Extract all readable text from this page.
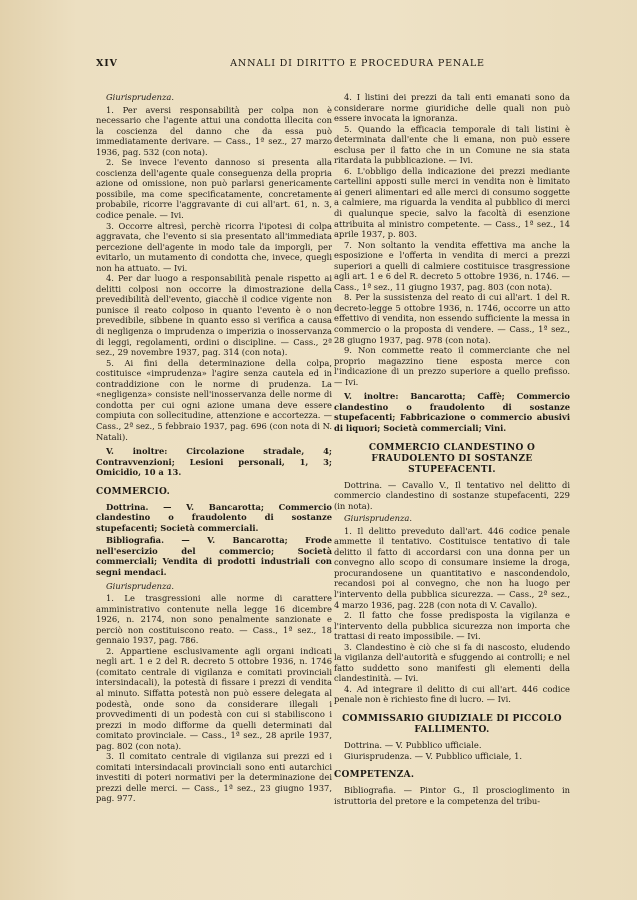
XIV	ANNALI DI DIRITTO E PROCEDURA PENALE

Giurisprudenza.

1. Per aversi responsabilità per colpa non è necessario che l'agente attui una condotta illecita con la coscienza del danno che da essa può immediatamente derivare. — Cass., 1ª sez., 27 marzo 1936, pag. 532 (con nota).

2. Se invece l'evento dannoso si presenta alla coscienza dell'agente quale conseguenza della propria azione od omissione, non può parlarsi genericamente possibile, ma come specificatamente, concretamente probabile, ricorre l'aggravante di cui all'art. 61, n. 3, codice penale. — Ivi.

3. Occorre altresì, perchè ricorra l'ipotesi di colpa aggravata, che l'evento si sia presentato all'immediata percezione dell'agente in modo tale da imporgli, per evitarlo, un mutamento di condotta che, invece, quegli non ha attuato. — Ivi.

4. Per dar luogo a responsabilità penale rispetto ai delitti colposi non occorre la dimostrazione della prevedibilità dell'evento, giacchè il codice vigente non punisce il reato colposo in quanto l'evento è o non prevedibile, sibbene in quanto esso si verifica a causa di negligenza o imprudenza o imperizia o inosservanza di leggi, regolamenti, ordini o discipline. — Cass., 2ª sez., 29 novembre 1937, pag. 314 (con nota).

5. Ai fini della determinazione della colpa, costituisce «imprudenza» l'agire senza cautela ed in contraddizione con le norme di prudenza. La «negligenza» consiste nell'inosservanza delle norme di condotta per cui ogni azione umana deve essere compiuta con sollecitudine, attenzione e accortezza. — Cass., 2ª sez., 5 febbraio 1937, pag. 696 (con nota di N. Natali).

V. inoltre: Circolazione stradale, 4; Contravvenzioni; Lesioni personali, 1, 3; Omicidio, 10 a 13.

COMMERCIO.

Dottrina. — V. Bancarotta; Commercio clandestino o fraudolento di sostanze stupefacenti; Società commerciali.

Bibliografia. — V. Bancarotta; Frode nell'esercizio del commercio; Società commerciali; Vendita di prodotti industriali con segni mendaci.

Giurisprudenza.

1. Le trasgressioni alle norme di carattere amministrativo contenute nella legge 16 dicembre 1926, n. 2174, non sono penalmente sanzionate e perciò non costituiscono reato. — Cass., 1ª sez., 18 gennaio 1937, pag. 786.

2. Appartiene esclusivamente agli organi indicati negli art. 1 e 2 del R. decreto 5 ottobre 1936, n. 1746 (comitato centrale di vigilanza e comitati provinciali intersindacali), la potestà di fissare i prezzi di vendita al minuto. Siffatta potestà non può essere delegata al podestà, onde sono da considerare illegali i provvedimenti di un podestà con cui si stabiliscono i prezzi in modo difforme da quelli determinati dal comitato provinciale. — Cass., 1ª sez., 28 aprile 1937, pag. 802 (con nota).

3. Il comitato centrale di vigilanza sui prezzi ed i comitati intersindacali provinciali sono enti autarchici investiti di poteri normativi per la determinazione dei prezzi delle merci. — Cass., 1ª sez., 23 giugno 1937, pag. 977.

4. I listini dei prezzi da tali enti emanati sono da considerare norme giuridiche delle quali non può essere invocata la ignoranza.

5. Quando la efficacia temporale di tali listini è determinata dall'ente che li emana, non può essere esclusa per il fatto che in un Comune ne sia stata ritardata la pubblicazione. — Ivi.

6. L'obbligo della indicazione dei prezzi mediante cartellini apposti sulle merci in vendita non è limitato ai generi alimentari ed alle merci di consumo soggette a calmiere, ma riguarda la vendita al pubblico di merci di qualunque specie, salvo la facoltà di esenzione attribuita al ministro competente. — Cass., 1ª sez., 14 aprile 1937, p. 803.

7. Non soltanto la vendita effettiva ma anche la esposizione e l'offerta in vendita di merci a prezzi superiori a quelli di calmiere costituisce trasgressione agli art. 1 e 6 del R. decreto 5 ottobre 1936, n. 1746. — Cass., 1ª sez., 11 giugno 1937, pag. 803 (con nota).

8. Per la sussistenza del reato di cui all'art. 1 del R. decreto-legge 5 ottobre 1936, n. 1746, occorre un atto effettivo di vendita, non essendo sufficiente la messa in commercio o la proposta di vendere. — Cass., 1ª sez., 28 giugno 1937, pag. 978 (con nota).

9. Non commette reato il commerciante che nel proprio magazzino tiene esposta merce con l'indicazione di un prezzo superiore a quello prefisso. — Ivi.

V. inoltre: Bancarotta; Caffè; Commercio clandestino o fraudolento di sostanze stupefacenti; Fabbricazione o commercio abusivi di liquori; Società commerciali; Vini.

COMMERCIO CLANDESTINO O FRAUDOLENTO DI SOSTANZE STUPEFACENTI.

Dottrina. — Cavallo V., Il tentativo nel delitto di commercio clandestino di sostanze stupefacenti, 229 (in nota).

Giurisprudenza.

1. Il delitto preveduto dall'art. 446 codice penale ammette il tentativo. Costituisce tentativo di tale delitto il fatto di accordarsi con una donna per un convegno allo scopo di consumare insieme la droga, procurandosene un quantitativo e nascondendolo, recandosi poi al convegno, che non ha luogo per l'intervento della pubblica sicurezza. — Cass., 2ª sez., 4 marzo 1936, pag. 228 (con nota di V. Cavallo).

2. Il fatto che fosse predisposta la vigilanza e l'intervento della pubblica sicurezza non importa che trattasi di reato impossibile. — Ivi.

3. Clandestino è ciò che si fa di nascosto, eludendo la vigilanza dell'autorità e sfuggendo ai controlli; e nel fatto suddetto sono manifesti gli elementi della clandestinità. — Ivi.

4. Ad integrare il delitto di cui all'art. 446 codice penale non è richiesto fine di lucro. — Ivi.

COMMISSARIO GIUDIZIALE DI PICCOLO FALLIMENTO.

Dottrina. — V. Pubblico ufficiale.

Giurisprudenza. — V. Pubblico ufficiale, 1.

COMPETENZA.

Bibliografia. — Pintor G., Il proscioglimento in istruttoria del pretore e la competenza del tribu-
